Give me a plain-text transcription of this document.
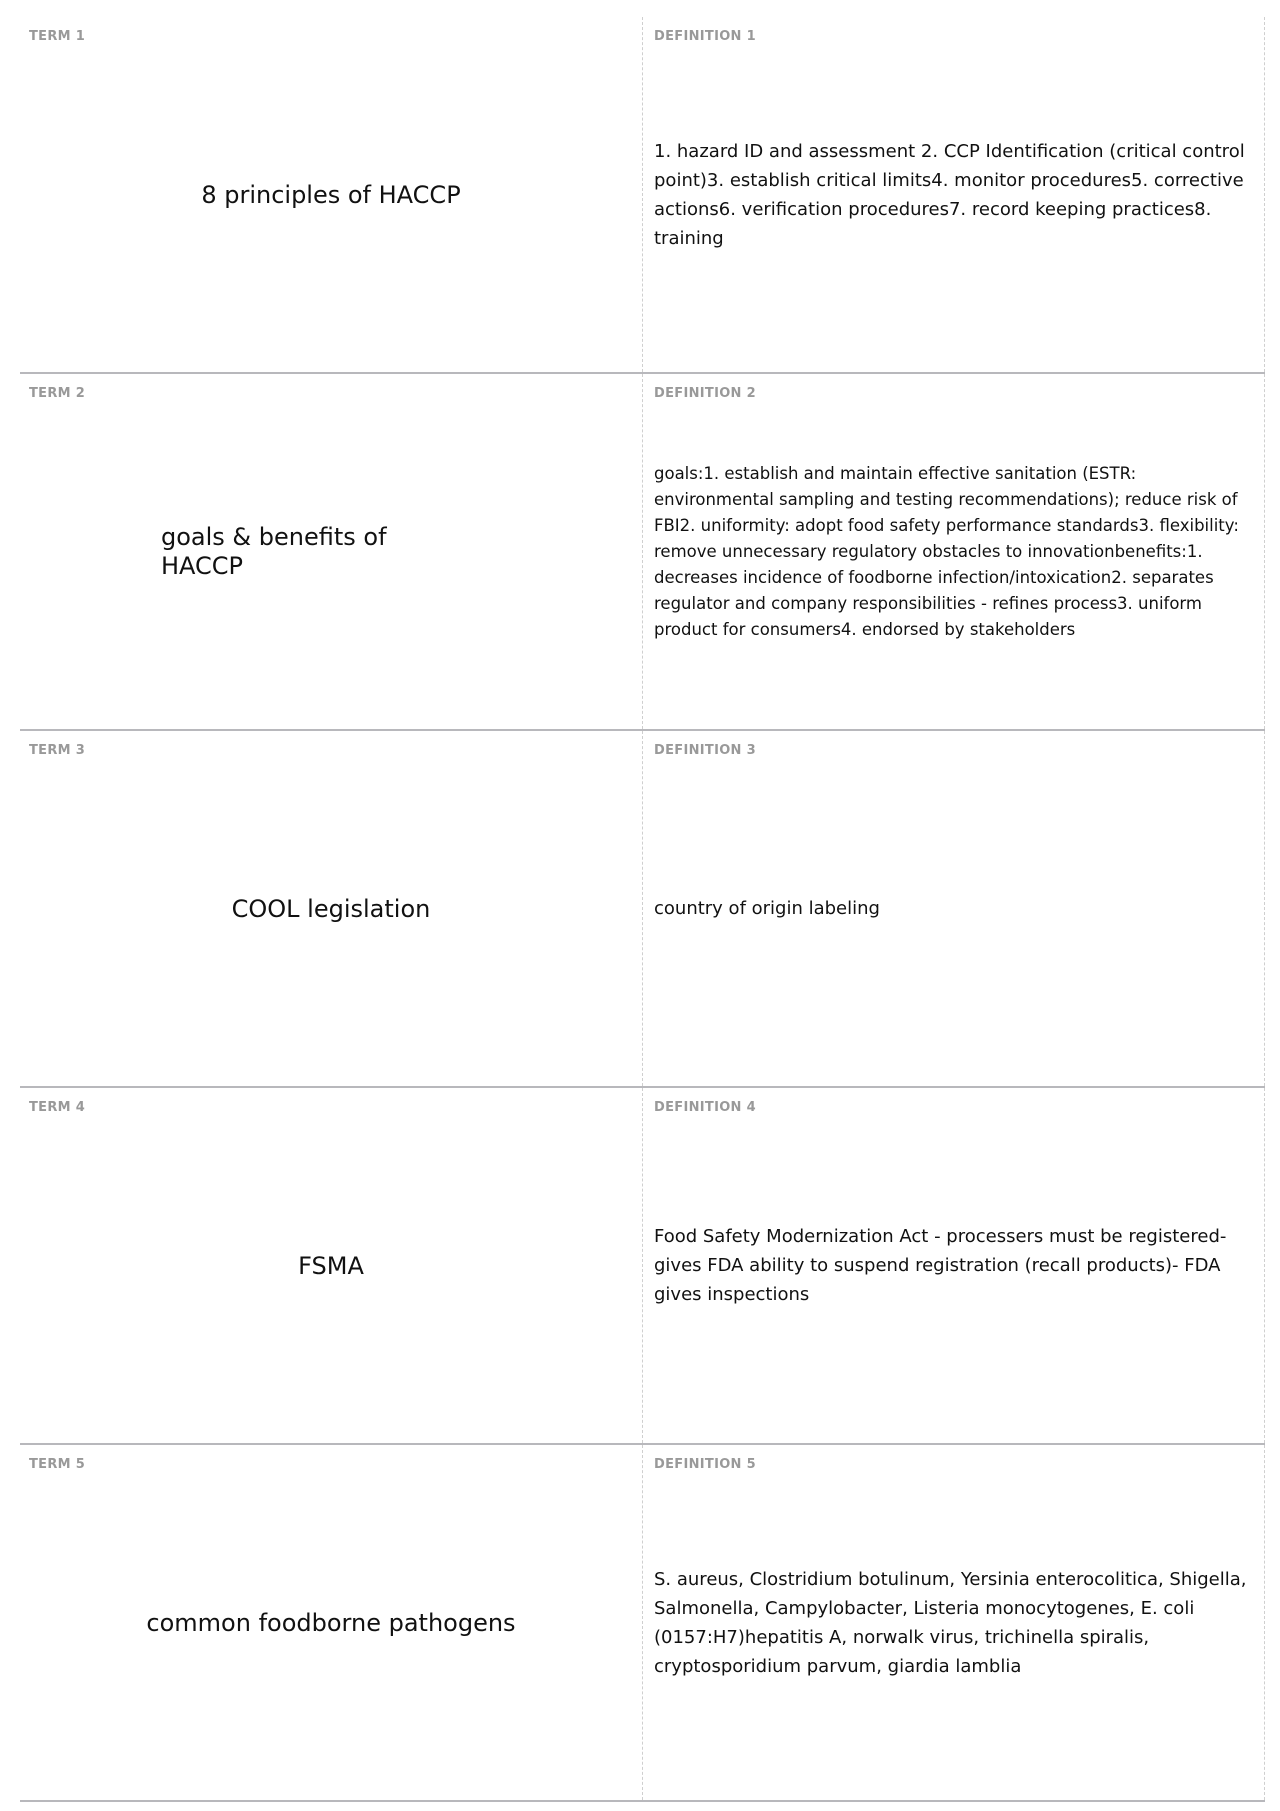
TERM 1
8 principles of HACCP
DEFINITION 1
1. hazard ID and assessment 2. CCP Identification (critical control point)3. establish critical limits4. monitor procedures5. corrective actions6. verification procedures7. record keeping practices8. training
TERM 2
goals & benefits of HACCP
DEFINITION 2
goals:1. establish and maintain effective sanitation (ESTR: environmental sampling and testing recommendations); reduce risk of FBI2. uniformity: adopt food safety performance standards3. flexibility: remove unnecessary regulatory obstacles to innovationbenefits:1. decreases incidence of foodborne infection/intoxication2. separates regulator and company responsibilities - refines process3. uniform product for consumers4. endorsed by stakeholders
TERM 3
COOL legislation
DEFINITION 3
country of origin labeling
TERM 4
FSMA
DEFINITION 4
Food Safety Modernization Act - processers must be registered- gives FDA ability to suspend registration (recall products)- FDA gives inspections
TERM 5
common foodborne pathogens
DEFINITION 5
S. aureus, Clostridium botulinum, Yersinia enterocolitica, Shigella, Salmonella, Campylobacter, Listeria monocytogenes, E. coli (0157:H7)hepatitis A, norwalk virus, trichinella spiralis, cryptosporidium parvum, giardia lamblia
